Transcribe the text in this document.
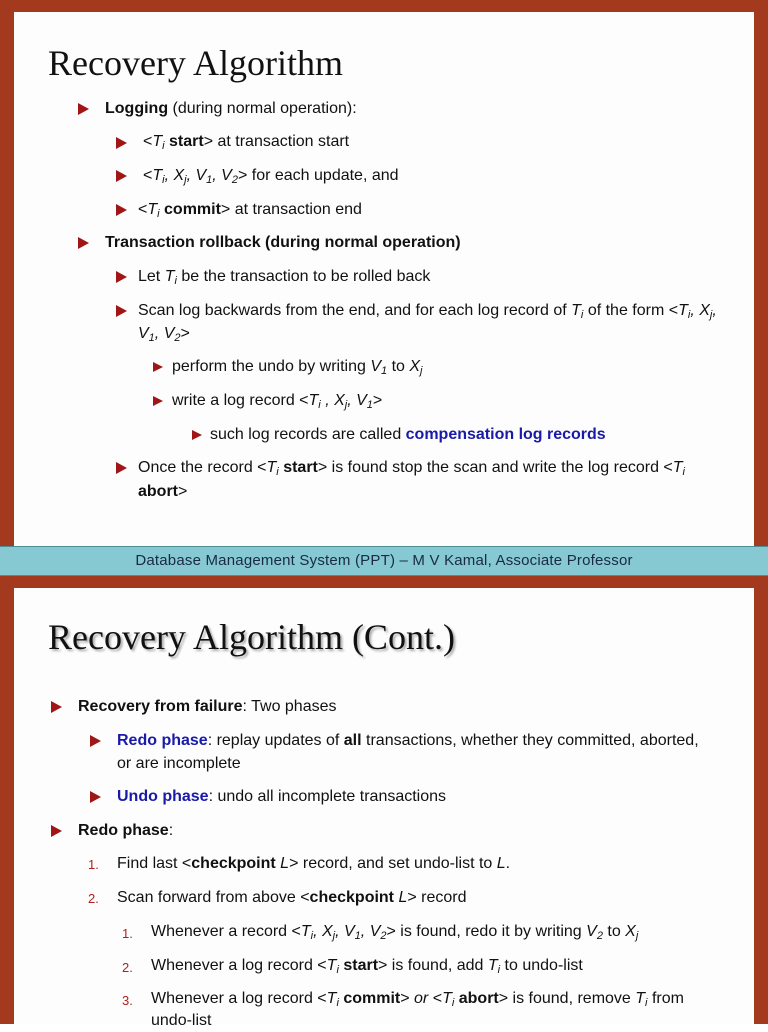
Recovery Algorithm
Logging (during normal operation):
$<T_i$ start> at transaction start
$<T_i$, $X_j$, $V_1$, $V_2>$ for each update, and
$<T_i$ commit> at transaction end
Transaction rollback (during normal operation)
Let $T_i$ be the transaction to be rolled back
Scan log backwards from the end, and for each log record of $T_i$ of the form $<T_i$, $X_j$,
$V_1$, $V_2>$
perform the undo by writing $V_1$ to $X_j$
write a log record $<T_i$ , $X_j$, $V_1>$
such log records are called compensation log records
Once the record $<T_i$ start> is found stop the scan and write the log record $<T_i$
abort>
Database Management System (PPT) – M V Kamal, Associate Professor
Recovery Algorithm (Cont.)
Recovery from failure: Two phases
Redo phase: replay updates of all transactions, whether they committed, aborted,
or are incomplete
Undo phase: undo all incomplete transactions
Redo phase:
1. Find last <checkpoint L> record, and set undo-list to L.
2. Scan forward from above <checkpoint L> record
1. Whenever a record $<T_i$, $X_j$, $V_1$, $V_2>$ is found, redo it by writing $V_2$ to $X_j$
2. Whenever a log record $<T_i$ start> is found, add $T_i$ to undo-list
3. Whenever a log record $<T_i$ commit> or $<T_i$ abort> is found, remove $T_i$ from
undo-list
